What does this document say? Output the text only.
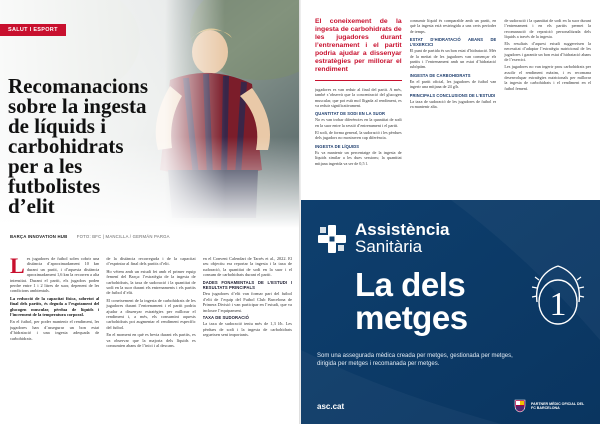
SALUT I ESPORT
Recomanacions
sobre la ingesta
de líquids i
carbohidrats
per a les
futbolistes
d’elit
BARÇA INNOVATION HUB FOTO: BFC | MANCILLA / GERMÁN PARGA
L es jugadores de futbol solen cobrir una distància d’aproximadament 10 km durant un partit, i d’aquesta distància aproximadament 1,6 km la recorren a alta intensitat. Durant el partit, els jugadors poden perdre entre 1 i 2 litres de suor, depenent de les condicions ambientals.

La reducció de la capacitat física, sobretot al final dels partits, és deguda a l’esgotament del glucogen muscular, pèrdua de líquids i l’increment de la temperatura corporal.

En el futbol, per poder mantenir el rendiment, les jugadores han d’assegurar un bon estat d’hidratació i una ingesta adequada de carbohidrats.

de la distància recorreguda i de la capacitat d’esprintar al final dels partits d’elit.

Ho vèiem amb un estudi fet amb el primer equip femení del Barça: l’estratègia de la ingesta de carbohidrats, la taxa de sudoració i la quantitat de sodi en la suor durant els entrenaments i els partits de futbol d’elit.

El coneixement de la ingesta de carbohidrats de les jugadores durant l’entrenament i el partit podria ajudar a dissenyar estratègies per millorar el rendiment i, a més, els consumint aquests carbohidrats pot augmentar el rendiment específic del futbol.

En el moment en què es bevia durant els partits, es va observar que la majoria dels líquids es consumien abans de l’inici i al descans.

en el Conveni Calendari de Tarrés et al., 2022. El seu objectiu era reportar la ingesta i la taxa de sudoració, la quantitat de sodi en la suor i el consum de carbohidrats durant el partit.

DADES FONAMENTALS DE L’ESTUDI I RESULTATS PRINCIPALS

Deu jugadores d’elit van formar part del futbol d’elit de l’equip del Futbol Club Barcelona de Primera Divisió i van participar en l’estudi, que va incloure l’equipament.

TAXA DE SUDORACIÓ

La taxa de sudoració teniu més de 1,3 l/h. Les pèrdues de sodi i la ingesta de carbohidrats segueixen sent importants.

El coneixement de la ingesta de carbohidrats de les jugadores durant l’entrenament i el partit podria ajudar a dissenyar estratègies per millorar el rendiment

jugadores es van reduir al final del partit. A més, també s’observà que la concentració del glucogen muscular, que pot està mol lligada al rendiment, es va reduir significativament.

QUANTITAT DE SODI EN LA SUOR

No es van trobar diferències en la quantitat de sodi en la suor entre la sessió d’entrenament i el partit.

El sodi, de forma general, la sudoració i les pèrdues dels jugadors no mostraven cap diferència.

INGESTA DE LÍQUIDS

Es va mantenir un percentatge de la ingesta de líquids similar a les dues sessions; la quantitat mitjana ingerida va ser de 0,5 l.

consumir líquid és comparable amb un partit, en què la ingesta està restringida a uns certs períodes de temps.

ESTAT D’HIDRATACIÓ ABANS DE L’EXERCICI

El punt de partida és un bon estat d’hidratació. Més de la meitat de les jugadores van començar els partits i l’entrenament amb un estat d’hidratació subòptim.

INGESTA DE CARBOHIDRATS

En el partit oficial, les jugadores de futbol van ingerir una mitjana de 24 g/h.

PRINCIPALS CONCLUSIONS DE L’ESTUDI

La taxa de sudoració de les jugadores de futbol es va mantenir alta.

de sudoració i la quantitat de sodi en la suor durant l’entrenament i en els partits permet la recomanació de reposició personalitzada dels líquids a través de la ingesta.

Els resultats d’aquest estudi suggereixen la necessitat d’adaptar l’estratègia nutricional de les jugadores i garantir un bon estat d’hidratació abans de l’exercici.

Les jugadores no van ingerir prou carbohidrats per assolir el rendiment màxim, i es recomana desenvolupar estratègies nutricionals per millorar la ingesta de carbohidrats i el rendiment en el futbol femení.

Assistència
Sanitària
La dels
metges 1
Som una assegurada mèdica creada per metges, gestionada per metges, dirigida per metges i recomanada per metges.
asc.cat	PARTNER MÈDIC OFICIAL DEL FC BARCELONA
